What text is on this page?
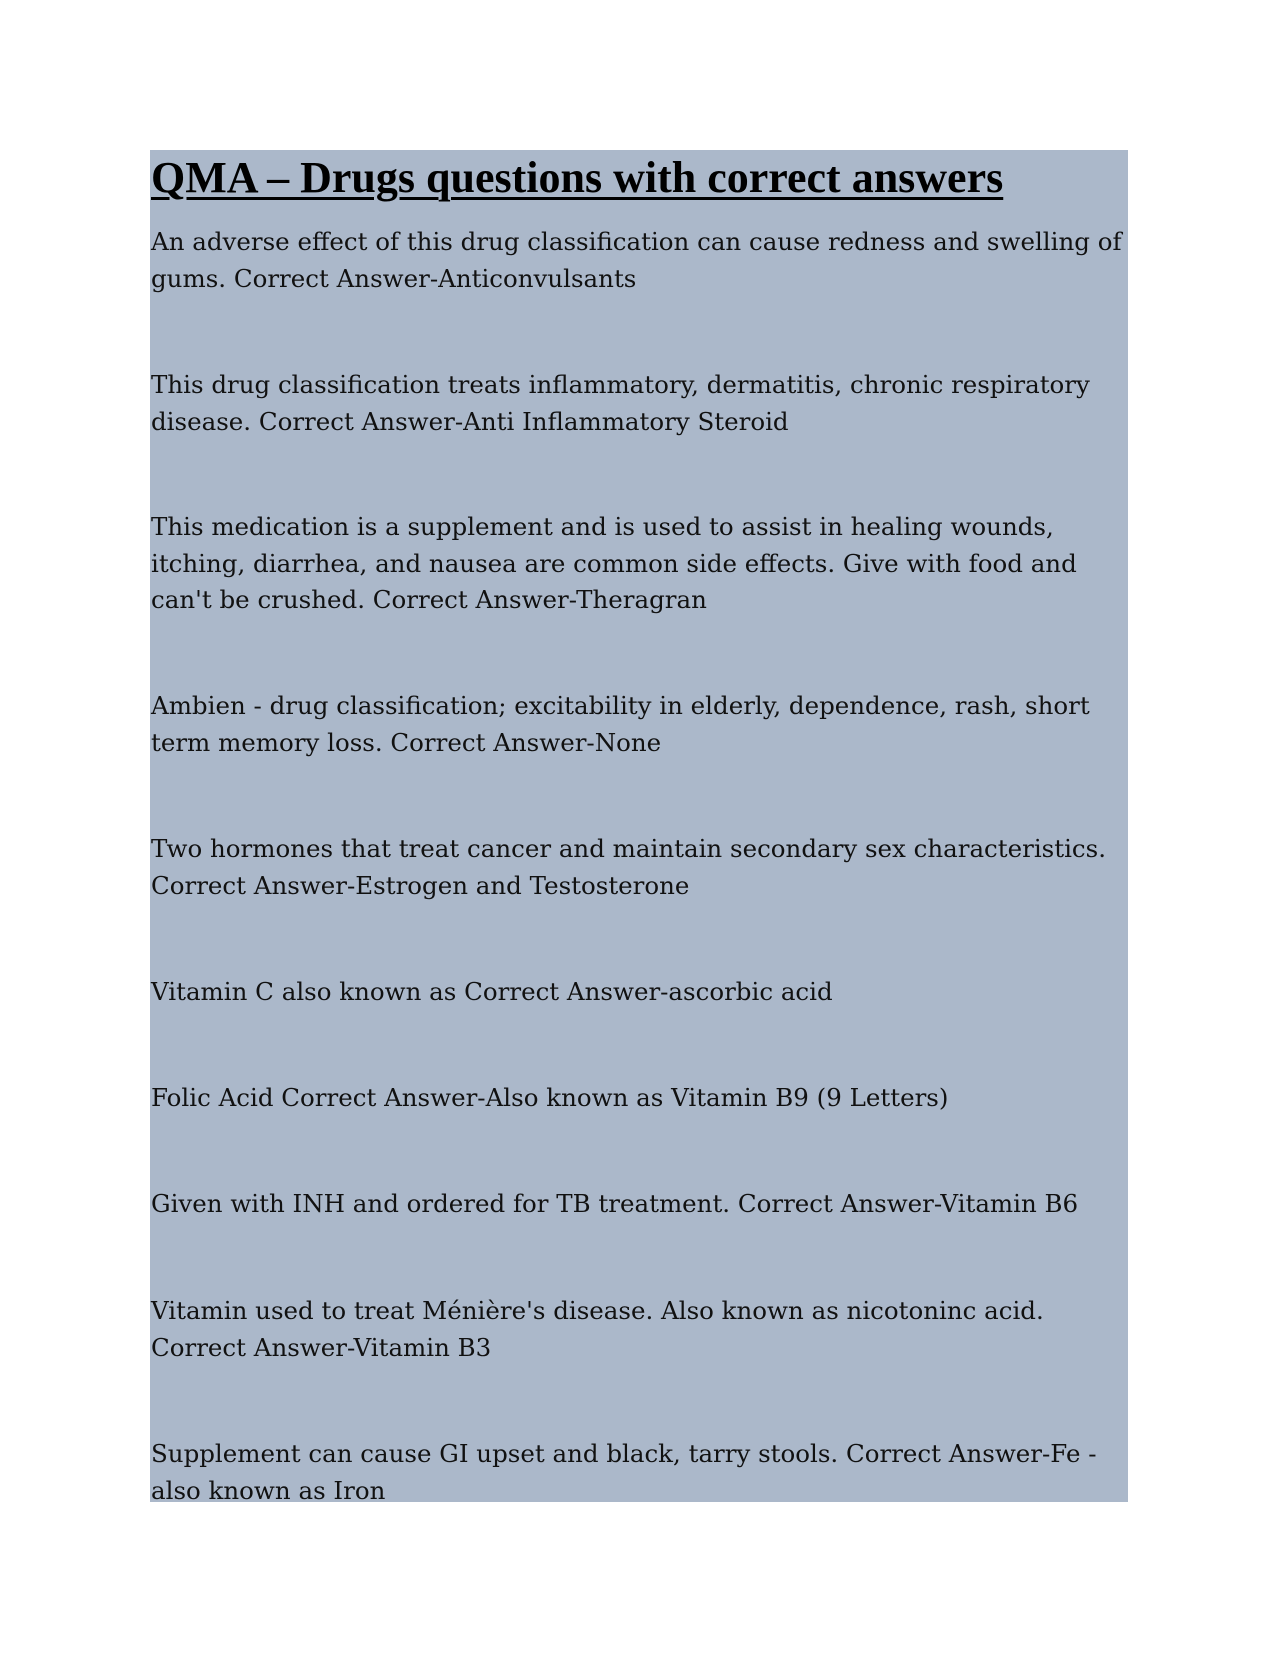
QMA – Drugs questions with correct answers

An adverse effect of this drug classification can cause redness and swelling of gums. Correct Answer-Anticonvulsants

This drug classification treats inflammatory, dermatitis, chronic respiratory disease. Correct Answer-Anti Inflammatory Steroid

This medication is a supplement and is used to assist in healing wounds, itching, diarrhea, and nausea are common side effects. Give with food and can't be crushed. Correct Answer-Theragran

Ambien - drug classification; excitability in elderly, dependence, rash, short term memory loss. Correct Answer-None

Two hormones that treat cancer and maintain secondary sex characteristics. Correct Answer-Estrogen and Testosterone

Vitamin C also known as Correct Answer-ascorbic acid

Folic Acid Correct Answer-Also known as Vitamin B9 (9 Letters)

Given with INH and ordered for TB treatment. Correct Answer-Vitamin B6

Vitamin used to treat Ménière's disease. Also known as nicotoninc acid. Correct Answer-Vitamin B3

Supplement can cause GI upset and black, tarry stools. Correct Answer-Fe - also known as Iron
